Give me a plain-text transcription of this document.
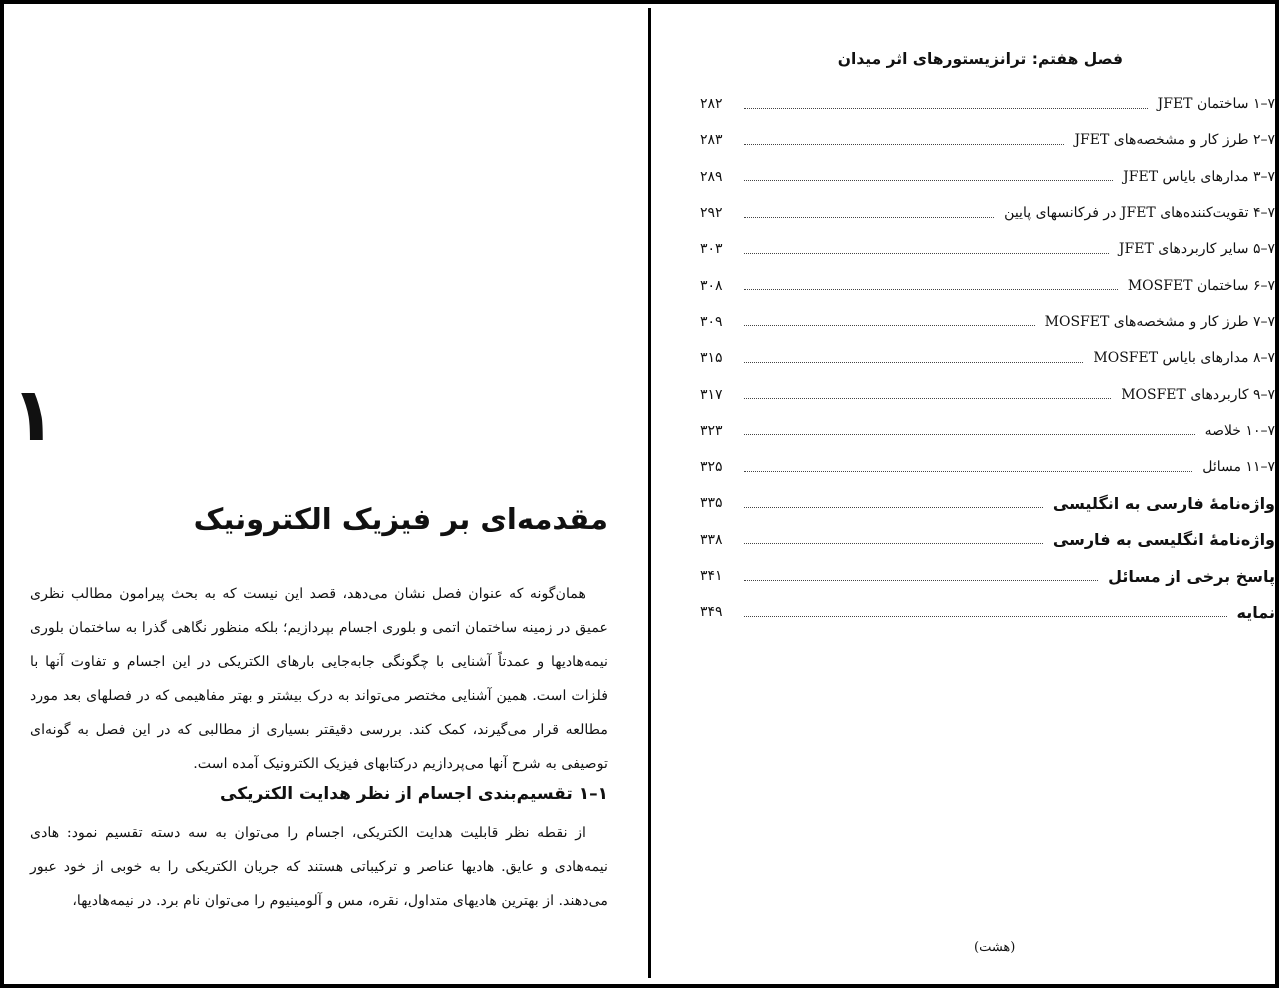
۱
مقدمه‌ای بر فیزیک الکترونیک

همان‌گونه که عنوان فصل نشان می‌دهد، قصد این نیست که به بحث پیرامون مطالب نظری عمیق در زمینه ساختمان اتمی و بلوری اجسام بپردازیم؛ بلکه منظور نگاهی گذرا به ساختمان بلوری نیمه‌هادیها و عمدتاً آشنایی با چگونگی جابه‌جایی بارهای الکتریکی در این اجسام و تفاوت آنها با فلزات است. همین آشنایی مختصر می‌تواند به درک بیشتر و بهتر مفاهیمی که در فصلهای بعد مورد مطالعه قرار می‌گیرند، کمک کند. بررسی دقیقتر بسیاری از مطالبی که در این فصل به گونه‌ای توصیفی به شرح آنها می‌پردازیم درکتابهای فیزیک الکترونیک آمده است.

۱–۱ تقسیم‌بندی اجسام از نظر هدایت الکتریکی

از نقطه نظر قابلیت هدایت الکتریکی، اجسام را می‌توان به سه دسته تقسیم نمود: هادی نیمه‌هادی و عایق. هادیها عناصر و ترکیباتی هستند که جریان الکتریکی را به خوبی از خود عبور می‌دهند. از بهترین هادیهای متداول، نقره، مس و آلومینیوم را می‌توان نام برد. در نیمه‌هادیها،

فصل هفتم: ترانزیستورهای اثر میدان
۷–۱ ساختمان JFET
۲۸۲
۷–۲ طرز کار و مشخصه‌های JFET
۲۸۳
۷–۳ مدارهای بایاس JFET
۲۸۹
۷–۴ تقویت‌کننده‌های JFET در فرکانسهای پایین
۲۹۲
۷–۵ سایر کاربردهای JFET
۳۰۳
۷–۶ ساختمان MOSFET
۳۰۸
۷–۷ طرز کار و مشخصه‌های MOSFET
۳۰۹
۷–۸ مدارهای بایاس MOSFET
۳۱۵
۷–۹ کاربردهای MOSFET
۳۱۷
۷–۱۰ خلاصه
۳۲۳
۷–۱۱ مسائل
۳۲۵
واژه‌نامهٔ فارسی به انگلیسی
۳۳۵
واژه‌نامهٔ انگلیسی به فارسی
۳۳۸
پاسخ برخی از مسائل
۳۴۱
نمایه
۳۴۹
(هشت)
